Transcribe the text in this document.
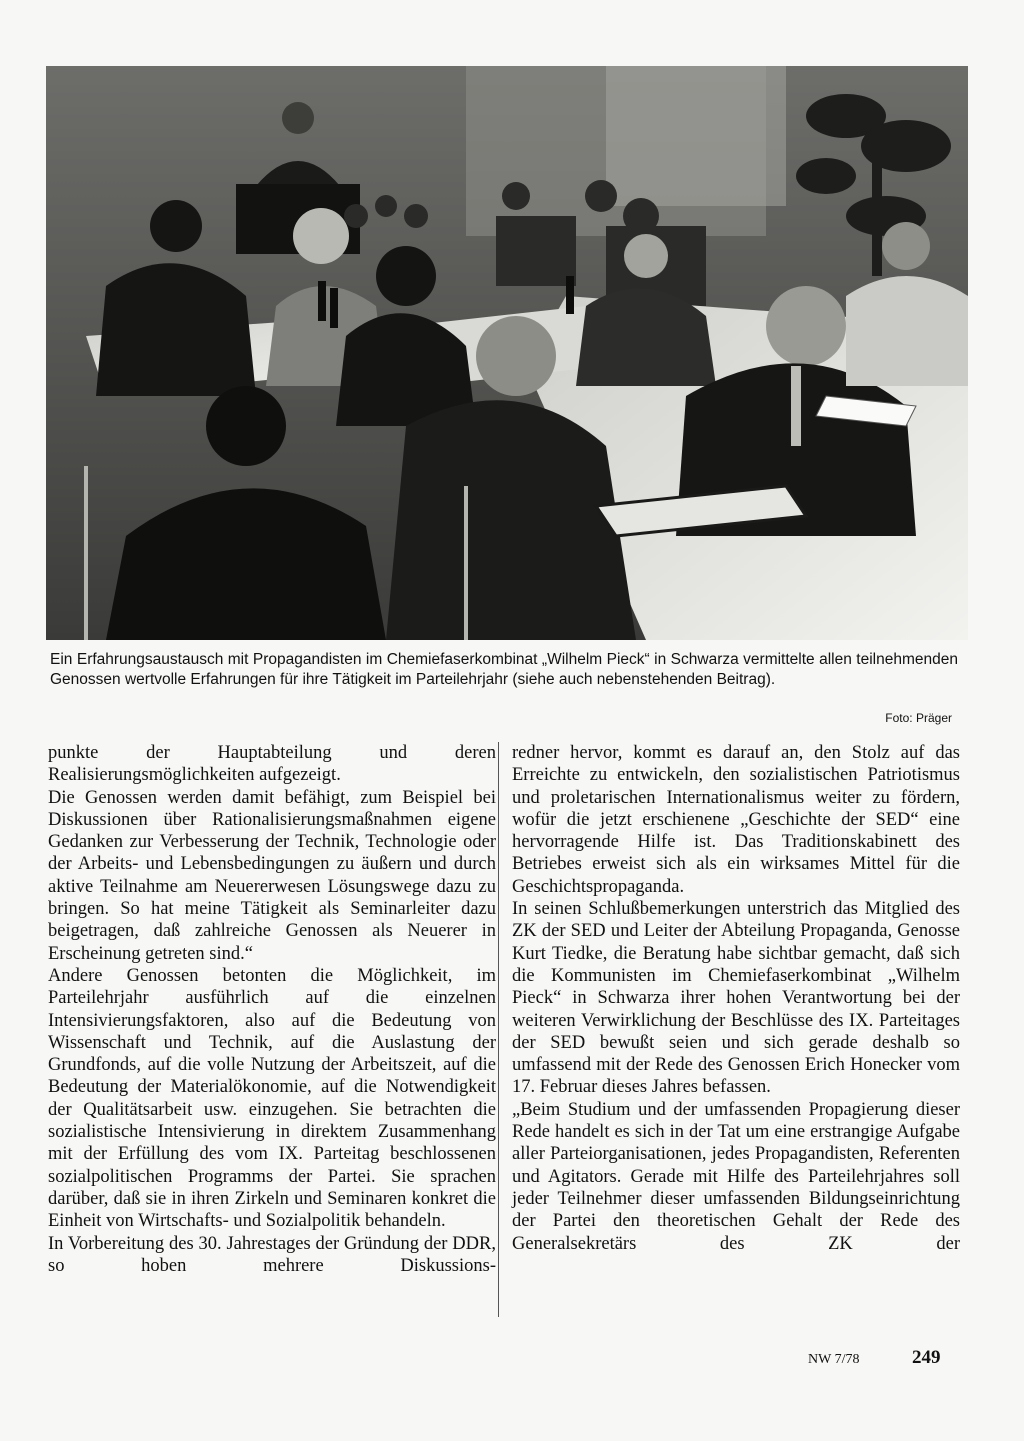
Ein Erfahrungsaustausch mit Propagandisten im Chemiefaserkombinat „Wilhelm Pieck“ in Schwarza vermittelte allen teilnehmenden Genossen wertvolle Erfahrungen für ihre Tätigkeit im Parteilehrjahr (siehe auch nebenstehenden Beitrag).
Foto: Präger

punkte der Hauptabteilung und deren Realisierungsmöglichkeiten aufgezeigt.

Die Genossen werden damit befähigt, zum Beispiel bei Diskussionen über Rationalisierungsmaßnahmen eigene Gedanken zur Verbesserung der Technik, Technologie oder der Arbeits- und Lebensbedingungen zu äußern und durch aktive Teilnahme am Neuererwesen Lösungswege dazu zu bringen. So hat meine Tätigkeit als Seminarleiter dazu beigetragen, daß zahlreiche Genossen als Neuerer in Erscheinung getreten sind.“

Andere Genossen betonten die Möglichkeit, im Parteilehrjahr ausführlich auf die einzelnen Intensivierungsfaktoren, also auf die Bedeutung von Wissenschaft und Technik, auf die Auslastung der Grundfonds, auf die volle Nutzung der Arbeitszeit, auf die Bedeutung der Materialökonomie, auf die Notwendigkeit der Qualitätsarbeit usw. einzugehen. Sie betrachten die sozialistische Intensivierung in direktem Zusammenhang mit der Erfüllung des vom IX. Parteitag beschlossenen sozialpolitischen Programms der Partei. Sie sprachen darüber, daß sie in ihren Zirkeln und Seminaren konkret die Einheit von Wirtschafts- und Sozialpolitik behandeln.

In Vorbereitung des 30. Jahrestages der Gründung der DDR, so hoben mehrere Diskussions-

redner hervor, kommt es darauf an, den Stolz auf das Erreichte zu entwickeln, den sozialistischen Patriotismus und proletarischen Internationalismus weiter zu fördern, wofür die jetzt erschienene „Geschichte der SED“ eine hervorragende Hilfe ist. Das Traditionskabinett des Betriebes erweist sich als ein wirksames Mittel für die Geschichtspropaganda.

In seinen Schlußbemerkungen unterstrich das Mitglied des ZK der SED und Leiter der Abteilung Propaganda, Genosse Kurt Tiedke, die Beratung habe sichtbar gemacht, daß sich die Kommunisten im Chemiefaserkombinat „Wilhelm Pieck“ in Schwarza ihrer hohen Verantwortung bei der weiteren Verwirklichung der Beschlüsse des IX. Parteitages der SED bewußt seien und sich gerade deshalb so umfassend mit der Rede des Genossen Erich Honecker vom 17. Februar dieses Jahres befassen.

„Beim Studium und der umfassenden Propagierung dieser Rede handelt es sich in der Tat um eine erstrangige Aufgabe aller Parteiorganisationen, jedes Propagandisten, Referenten und Agitators. Gerade mit Hilfe des Parteilehrjahres soll jeder Teilnehmer dieser umfassenden Bildungseinrichtung der Partei den theoretischen Gehalt der Rede des Generalsekretärs des ZK der

NW 7/78	249
